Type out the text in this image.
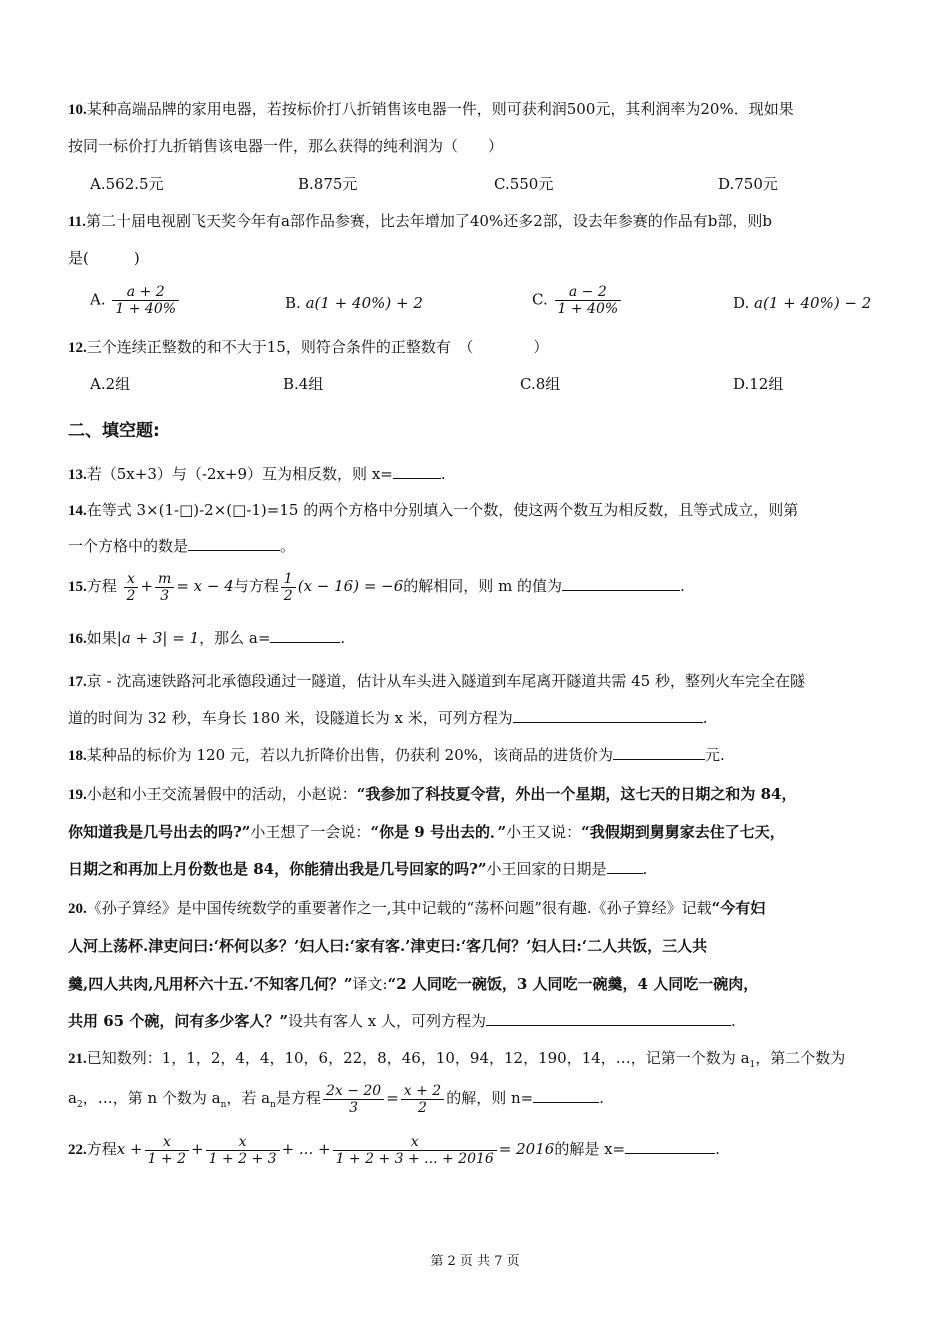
10.某种高端品牌的家用电器，若按标价打八折销售该电器一件，则可获利润500元，其利润率为20%．现如果
按同一标价打九折销售该电器一件，那么获得的纯利润为（　　）
A.562.5元	B.875元	C.550元	D.750元
11.第二十届电视剧飞天奖今年有a部作品参赛，比去年增加了40%还多2部，设去年参赛的作品有b部，则b
是(　　　)
A. $\frac{a + 2}{1 + 40\%}$	B. a(1 + 40%) + 2	C. $\frac{a - 2}{1 + 40\%}$	D. a(1 + 40%) − 2
12.三个连续正整数的和不大于15，则符合条件的正整数有　（　　　　）
A.2组	B.4组	C.8组	D.12组
二、填空题:
13.若（5x+3）与（-2x+9）互为相反数，则 x=	.
14.在等式 3×(1-□)-2×(□-1)=15 的两个方格中分别填入一个数，使这两个数互为相反数，且等式成立，则第
一个方格中的数是	。
15.方程 $\frac{x}{2} + \frac{m}{3} = x - 4$与方程 $\frac{1}{2} (x - 16) = -6$的解相同，则 m 的值为	.
16.如果|a + 3| = 1，那么 a=	.
17.京 - 沈高速铁路河北承德段通过一隧道，估计从车头进入隧道到车尾离开隧道共需 45 秒，整列火车完全在隧
道的时间为 32 秒，车身长 180 米，设隧道长为 x 米，可列方程为	.
18.某种品的标价为 120 元，若以九折降价出售，仍获利 20%，该商品的进货价为	元.
19.小赵和小王交流暑假中的活动，小赵说：“我参加了科技夏令营，外出一个星期，这七天的日期之和为 84，
你知道我是几号出去的吗?”小王想了一会说：“你是 9 号出去的．”小王又说：“我假期到舅舅家去住了七天，
日期之和再加上月份数也是 84，你能猜出我是几号回家的吗?”小王回家的日期是 .
20.《孙子算经》是中国传统数学的重要著作之一,其中记载的“荡杯问题”很有趣.《孙子算经》记载“今有妇
人河上荡杯.津吏问曰:‘杯何以多？’妇人曰:‘家有客.’津吏曰:‘客几何？’妇人曰:‘二人共饭，三人共
羹,四人共肉,凡用杯六十五.’不知客几何？”译文:“2 人同吃一碗饭，3 人同吃一碗羹，4 人同吃一碗肉，
共用 65 个碗，问有多少客人？”设共有客人 x 人，可列方程为	.
21.已知数列：1，1，2，4，4，10，6，22，8，46，10，94，12，190，14，…，记第一个数为 $a_1$，第二个数为
$a_2$，…，第 n 个数为 $a_n$，若 $a_n$是方程 $\frac{2x - 20}{3} = \frac{x + 2}{2}$ 的解，则 n=	.
22.方程$x + \frac{x}{1 + 2} + \frac{x}{1 + 2 + 3}$ + ... + $\frac{x}{1 + 2 + 3 + ... + 2016} = 2016$的解是 x=	.
第 2 页 共 7 页
